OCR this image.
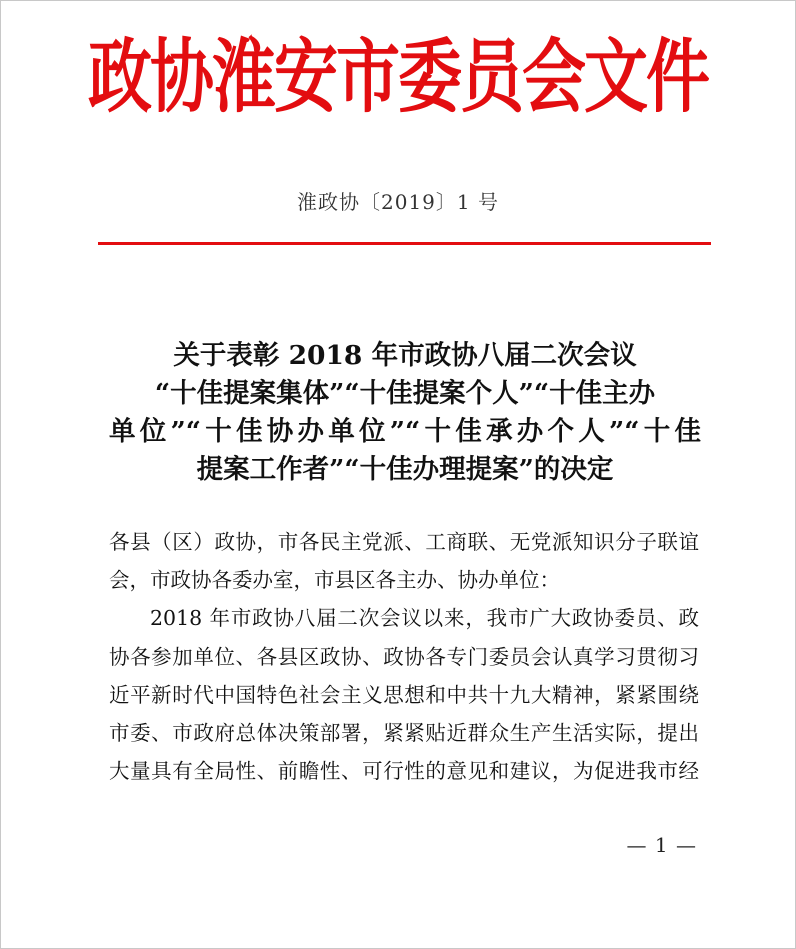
政协淮安市委员会文件
淮政协〔2019〕1 号
关于表彰 2018 年市政协八届二次会议
“十佳提案集体”“十佳提案个人”“十佳主办
单位”“十佳协办单位”“十佳承办个人”“十佳
提案工作者”“十佳办理提案”的决定
各县（区）政协，市各民主党派、工商联、无党派知识分子联谊
会，市政协各委办室，市县区各主办、协办单位：
2018 年市政协八届二次会议以来，我市广大政协委员、政
协各参加单位、各县区政协、政协各专门委员会认真学习贯彻习
近平新时代中国特色社会主义思想和中共十九大精神，紧紧围绕
市委、市政府总体决策部署，紧紧贴近群众生产生活实际，提出
大量具有全局性、前瞻性、可行性的意见和建议，为促进我市经
— 1 —
